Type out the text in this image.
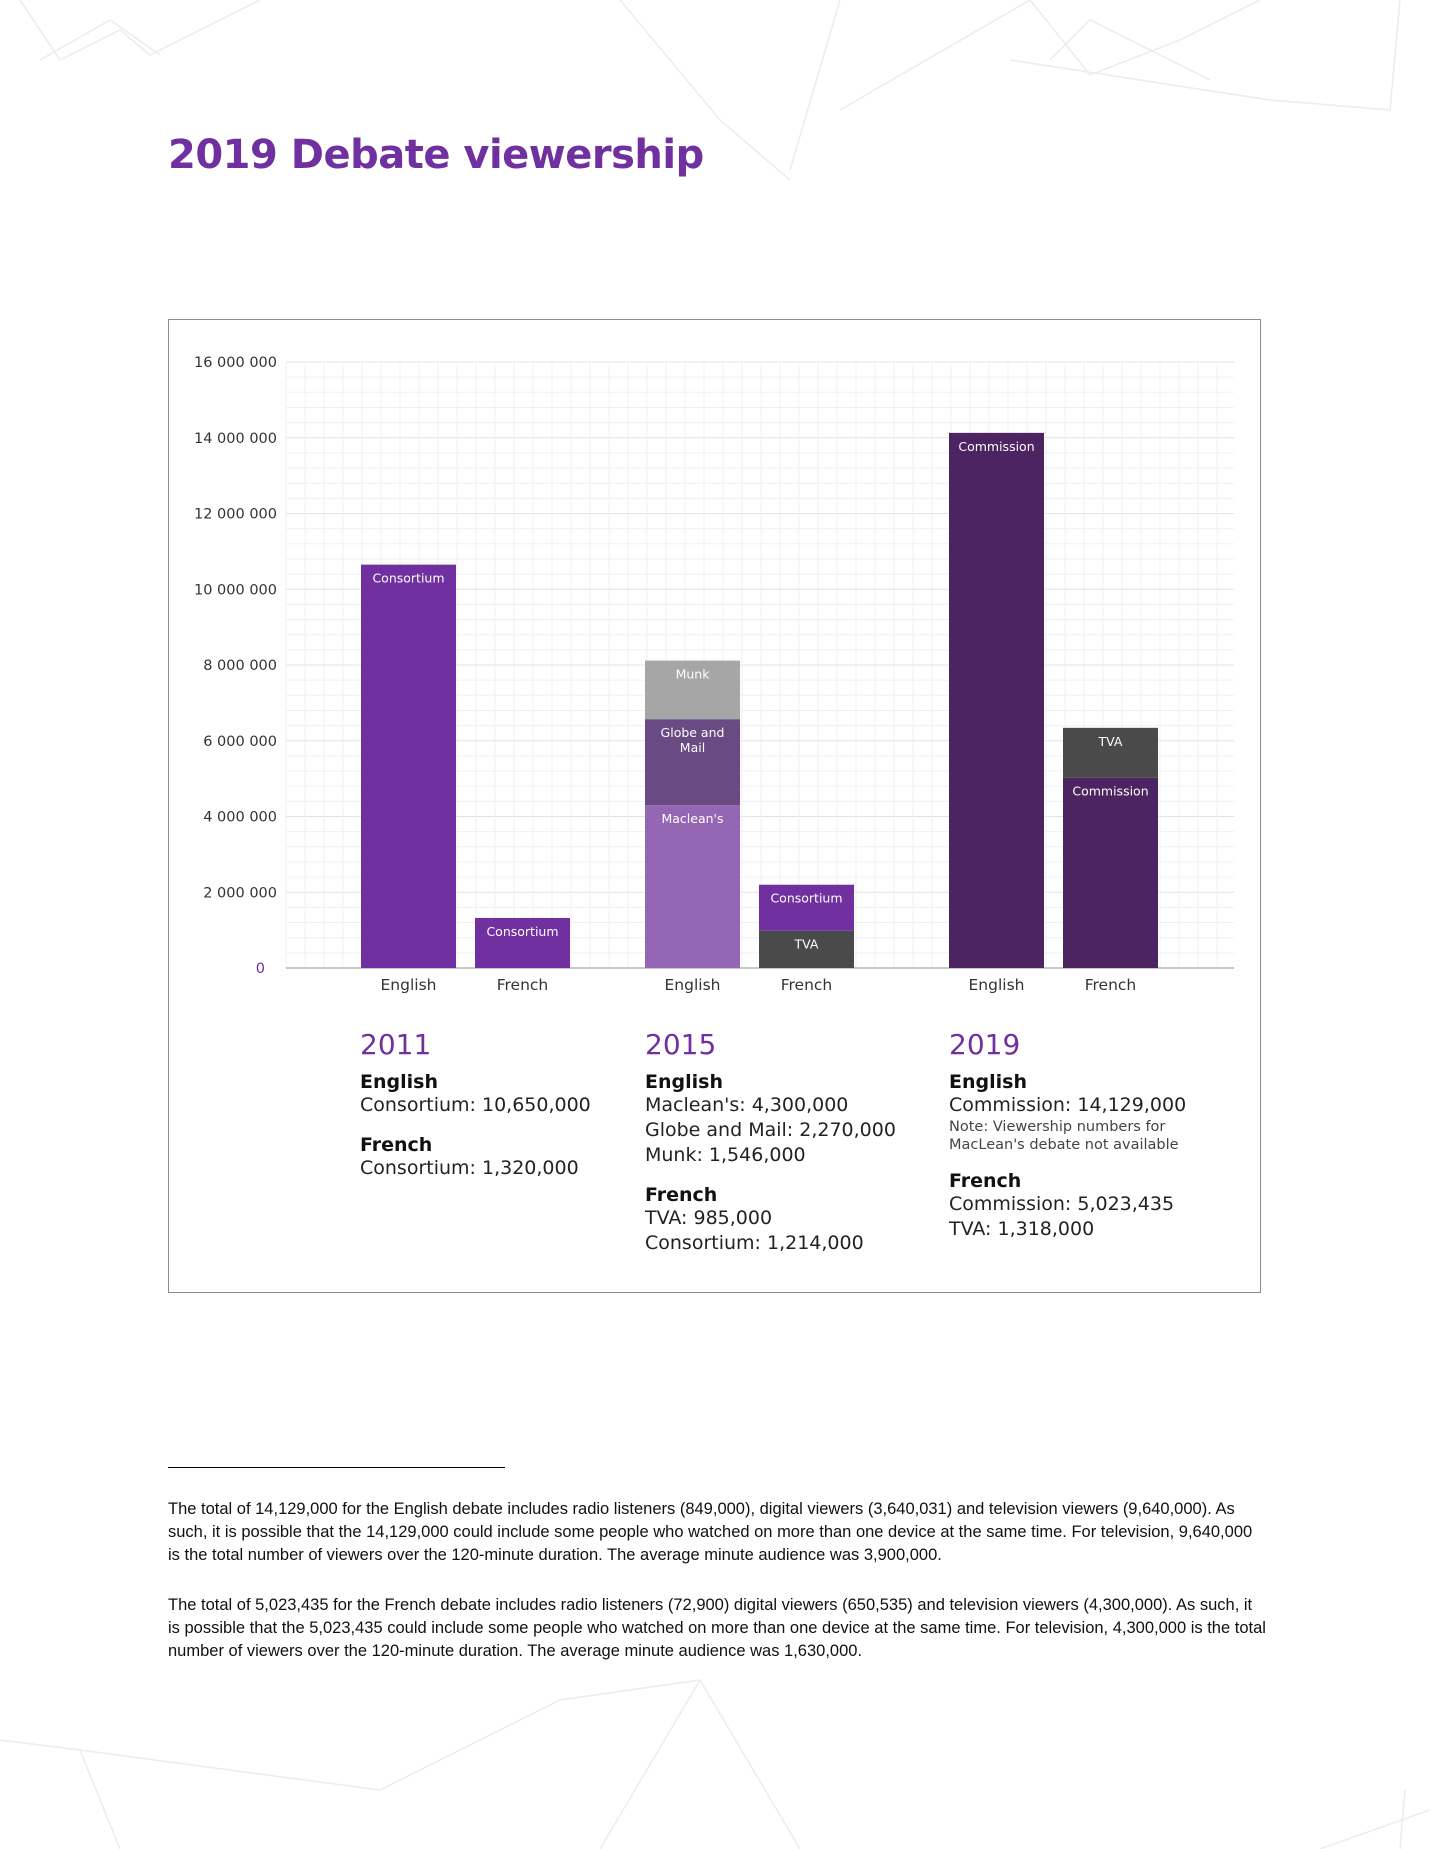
2019 Debate viewership
0
2 000 000
4 000 000
6 000 000
8 000 000
10 000 000
12 000 000
14 000 000
16 000 000
Consortium
Consortium
Maclean's
Globe and
Mail
Munk
TVA
Consortium
Commission
Commission
TVA
English	French	English	French	English	French
2011
English
Consortium: 10,650,000
French
Consortium: 1,320,000
2015
English
Maclean's: 4,300,000
Globe and Mail: 2,270,000
Munk: 1,546,000
French
TVA: 985,000
Consortium: 1,214,000
2019
English
Commission: 14,129,000
Note: Viewership numbers for MacLean's debate not available
French
Commission: 5,023,435
TVA: 1,318,000

The total of 14,129,000 for the English debate includes radio listeners (849,000), digital viewers (3,640,031) and television viewers (9,640,000). As such, it is possible that the 14,129,000 could include some people who watched on more than one device at the same time. For television, 9,640,000 is the total number of viewers over the 120-minute duration. The average minute audience was 3,900,000.

The total of 5,023,435 for the French debate includes radio listeners (72,900) digital viewers (650,535) and television viewers (4,300,000). As such, it is possible that the 5,023,435 could include some people who watched on more than one device at the same time. For television, 4,300,000 is the total number of viewers over the 120-minute duration. The average minute audience was 1,630,000.
